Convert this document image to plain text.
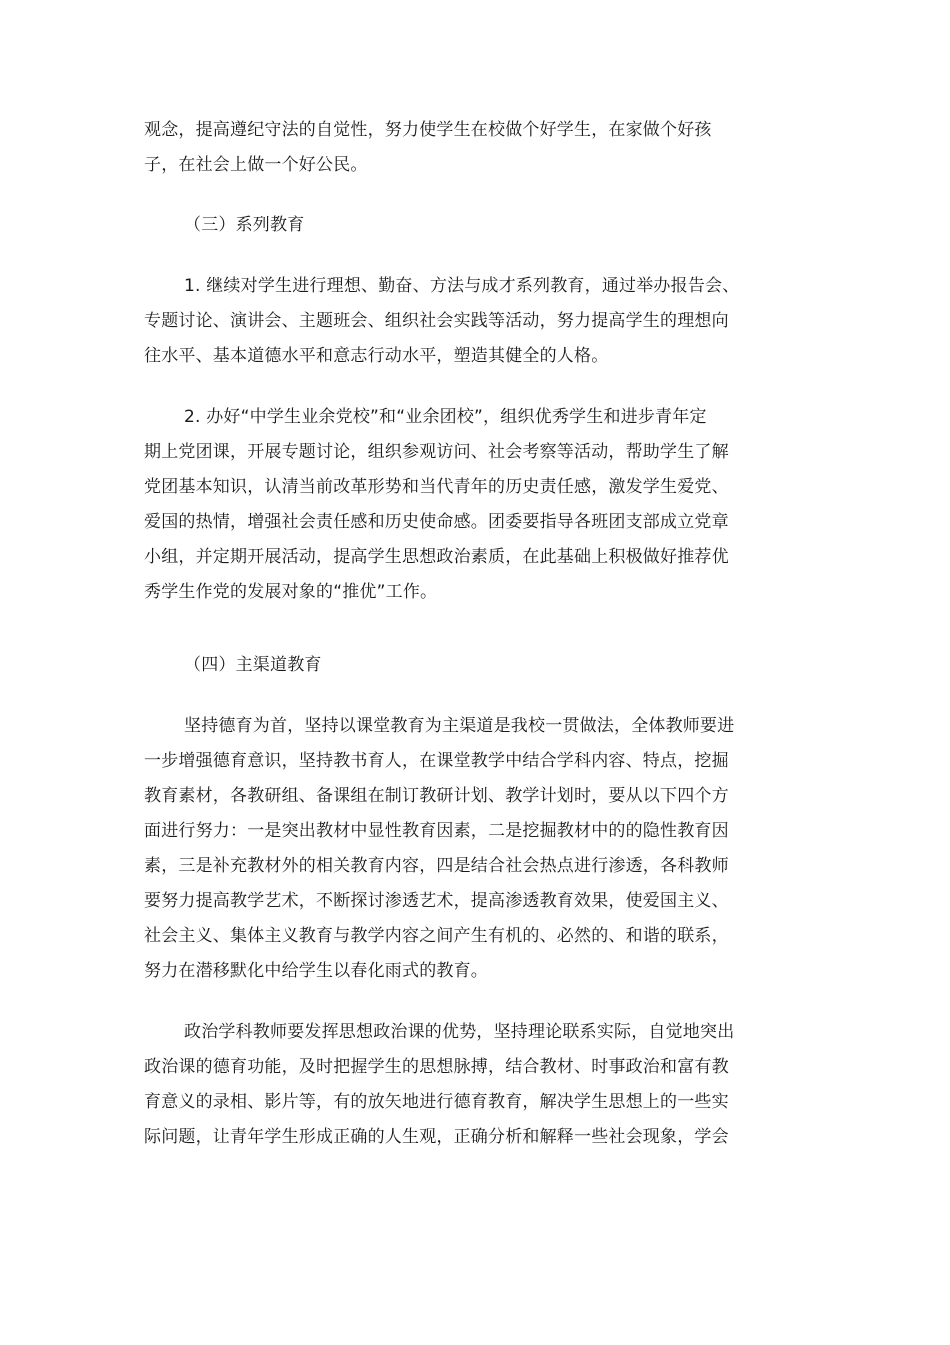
观念，提高遵纪守法的自觉性，努力使学生在校做个好学生，在家做个好孩
子，在社会上做一个好公民。
（三）系列教育
1. 继续对学生进行理想、勤奋、方法与成才系列教育，通过举办报告会、
专题讨论、演讲会、主题班会、组织社会实践等活动，努力提高学生的理想向
往水平、基本道德水平和意志行动水平，塑造其健全的人格。
2. 办好“中学生业余党校”和“业余团校”，组织优秀学生和进步青年定
期上党团课，开展专题讨论，组织参观访问、社会考察等活动，帮助学生了解
党团基本知识，认清当前改革形势和当代青年的历史责任感，激发学生爱党、
爱国的热情，增强社会责任感和历史使命感。团委要指导各班团支部成立党章
小组，并定期开展活动，提高学生思想政治素质，在此基础上积极做好推荐优
秀学生作党的发展对象的“推优”工作。
（四）主渠道教育
坚持德育为首，坚持以课堂教育为主渠道是我校一贯做法，全体教师要进
一步增强德育意识，坚持教书育人，在课堂教学中结合学科内容、特点，挖掘
教育素材，各教研组、备课组在制订教研计划、教学计划时，要从以下四个方
面进行努力：一是突出教材中显性教育因素，二是挖掘教材中的的隐性教育因
素，三是补充教材外的相关教育内容，四是结合社会热点进行渗透，各科教师
要努力提高教学艺术，不断探讨渗透艺术，提高渗透教育效果，使爱国主义、
社会主义、集体主义教育与教学内容之间产生有机的、必然的、和谐的联系，
努力在潜移默化中给学生以春化雨式的教育。
政治学科教师要发挥思想政治课的优势，坚持理论联系实际，自觉地突出
政治课的德育功能，及时把握学生的思想脉搏，结合教材、时事政治和富有教
育意义的录相、影片等，有的放矢地进行德育教育，解决学生思想上的一些实
际问题，让青年学生形成正确的人生观，正确分析和解释一些社会现象，学会
